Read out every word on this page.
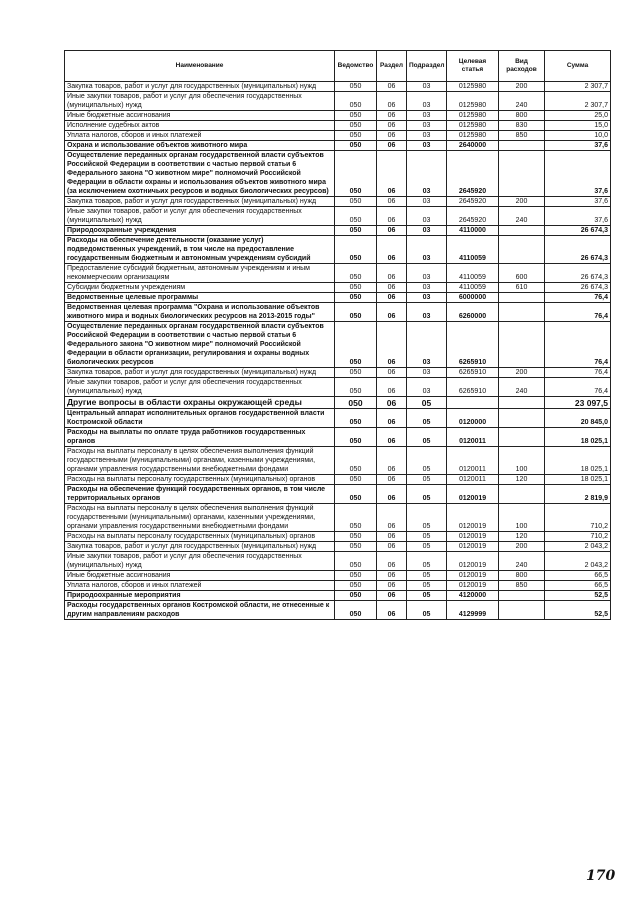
Наименование	Ведомство	Раздел	Подраздел	Целевая статья	Вид расходов	Сумма
Закупка товаров, работ и услуг для государственных (муниципальных) нужд	050	06	03	0125980	200	2 307,7
Иные закупки товаров, работ и услуг для обеспечения государственных (муниципальных) нужд	050	06	03	0125980	240	2 307,7
Иные бюджетные ассигнования	050	06	03	0125980	800	25,0
Исполнение судебных актов	050	06	03	0125980	830	15,0
Уплата налогов, сборов и иных платежей	050	06	03	0125980	850	10,0
Охрана и использование объектов животного мира	050	06	03	2640000		37,6
Осуществление переданных органам государственной власти субъектов Российской Федерации в соответствии с частью первой статьи 6 Федерального закона "О животном мире" полномочий Российской Федерации в области охраны и использования объектов животного мира (за исключением охотничьих ресурсов и водных биологических ресурсов)	050	06	03	2645920		37,6
Закупка товаров, работ и услуг для государственных (муниципальных) нужд	050	06	03	2645920	200	37,6
Иные закупки товаров, работ и услуг для обеспечения государственных (муниципальных) нужд	050	06	03	2645920	240	37,6
Природоохранные учреждения	050	06	03	4110000		26 674,3
Расходы на обеспечение деятельности (оказание услуг) подведомственных учреждений, в том числе на предоставление государственным бюджетным и автономным учреждениям субсидий	050	06	03	4110059		26 674,3
Предоставление субсидий бюджетным, автономным учреждениям и иным некоммерческим организациям	050	06	03	4110059	600	26 674,3
Субсидии бюджетным учреждениям	050	06	03	4110059	610	26 674,3
Ведомственные целевые программы	050	06	03	6000000		76,4
Ведомственная целевая программа "Охрана и использование объектов животного мира и водных биологических ресурсов на 2013-2015 годы"	050	06	03	6260000		76,4
Осуществление переданных органам государственной власти субъектов Российской Федерации в соответствии с частью первой статьи 6 Федерального закона "О животном мире" полномочий Российской Федерации в области организации, регулирования и охраны водных биологических ресурсов	050	06	03	6265910		76,4
Закупка товаров, работ и услуг для государственных (муниципальных) нужд	050	06	03	6265910	200	76,4
Иные закупки товаров, работ и услуг для обеспечения государственных (муниципальных) нужд	050	06	03	6265910	240	76,4
Другие вопросы в области охраны окружающей среды	050	06	05			23 097,5
Центральный аппарат исполнительных органов государственной власти Костромской области	050	06	05	0120000		20 845,0
Расходы на выплаты по оплате труда работников государственных органов	050	06	05	0120011		18 025,1
Расходы на выплаты персоналу в целях обеспечения выполнения функций государственными (муниципальными) органами, казенными учреждениями, органами управления государственными внебюджетными фондами	050	06	05	0120011	100	18 025,1
Расходы на выплаты персоналу государственных (муниципальных) органов	050	06	05	0120011	120	18 025,1
Расходы на обеспечение функций государственных органов, в том числе территориальных органов	050	06	05	0120019		2 819,9
Расходы на выплаты персоналу в целях обеспечения выполнения функций государственными (муниципальными) органами, казенными учреждениями, органами управления государственными внебюджетными фондами	050	06	05	0120019	100	710,2
Расходы на выплаты персоналу государственных (муниципальных) органов	050	06	05	0120019	120	710,2
Закупка товаров, работ и услуг для государственных (муниципальных) нужд	050	06	05	0120019	200	2 043,2
Иные закупки товаров, работ и услуг для обеспечения государственных (муниципальных) нужд	050	06	05	0120019	240	2 043,2
Иные бюджетные ассигнования	050	06	05	0120019	800	66,5
Уплата налогов, сборов и иных платежей	050	06	05	0120019	850	66,5
Природоохранные мероприятия	050	06	05	4120000		52,5
Расходы государственных органов Костромской области, не отнесенные к другим направлениям расходов	050	06	05	4129999		52,5
170
